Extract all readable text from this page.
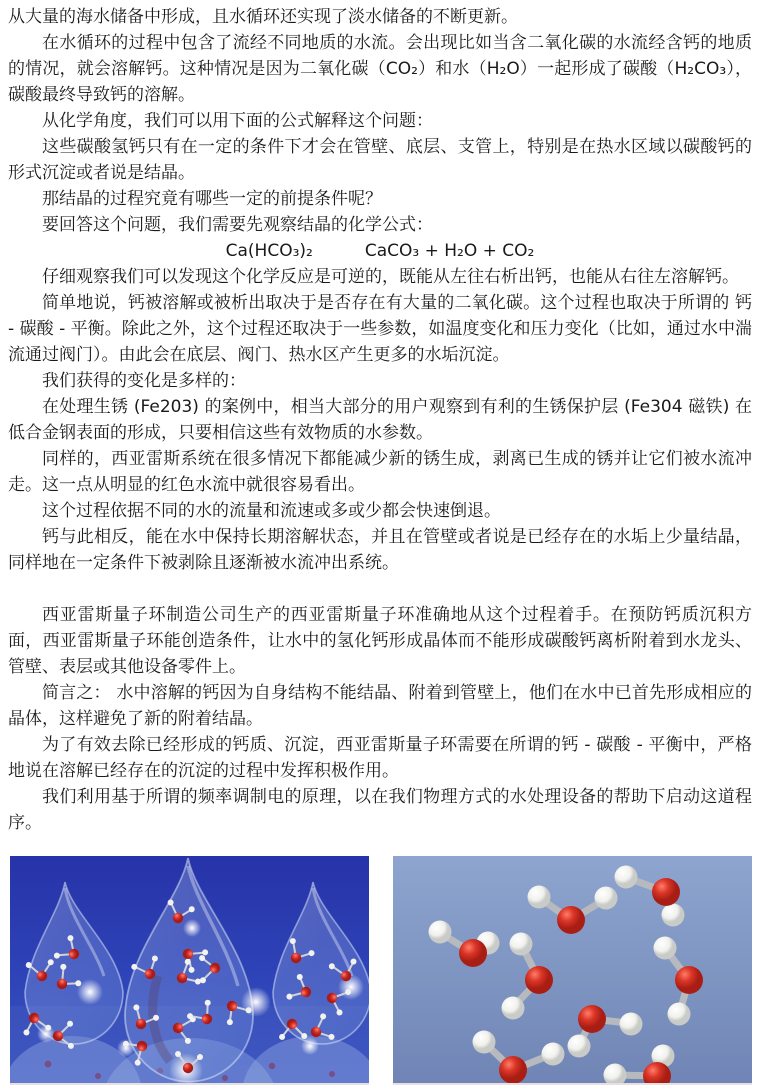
从大量的海水储备中形成，且水循环还实现了淡水储备的不断更新。

在水循环的过程中包含了流经不同地质的水流。会出现比如当含二氧化碳的水流经含钙的地质的情况，就会溶解钙。这种情况是因为二氧化碳（CO₂）和水（H₂O）一起形成了碳酸（H₂CO₃），碳酸最终导致钙的溶解。

从化学角度，我们可以用下面的公式解释这个问题：

这些碳酸氢钙只有在一定的条件下才会在管壁、底层、支管上，特别是在热水区域以碳酸钙的形式沉淀或者说是结晶。

那结晶的过程究竟有哪些一定的前提条件呢？

要回答这个问题，我们需要先观察结晶的化学公式：

Ca(HCO₃)₂	CaCO₃ + H₂O + CO₂

仔细观察我们可以发现这个化学反应是可逆的，既能从左往右析出钙，也能从右往左溶解钙。

简单地说，钙被溶解或被析出取决于是否存在有大量的二氧化碳。这个过程也取决于所谓的 钙 - 碳酸 - 平衡。除此之外，这个过程还取决于一些参数，如温度变化和压力变化（比如，通过水中湍流通过阀门）。由此会在底层、阀门、热水区产生更多的水垢沉淀。

我们获得的变化是多样的：

在处理生锈 (Fe203) 的案例中，相当大部分的用户观察到有利的生锈保护层 (Fe304 磁铁) 在低合金钢表面的形成，只要相信这些有效物质的水参数。

同样的，西亚雷斯系统在很多情况下都能减少新的锈生成，剥离已生成的锈并让它们被水流冲走。这一点从明显的红色水流中就很容易看出。

这个过程依据不同的水的流量和流速或多或少都会快速倒退。

钙与此相反，能在水中保持长期溶解状态，并且在管壁或者说是已经存在的水垢上少量结晶，同样地在一定条件下被剥除且逐渐被水流冲出系统。

西亚雷斯量子环制造公司生产的西亚雷斯量子环准确地从这个过程着手。在预防钙质沉积方面，西亚雷斯量子环能创造条件，让水中的氢化钙形成晶体而不能形成碳酸钙离析附着到水龙头、管壁、表层或其他设备零件上。

简言之： 水中溶解的钙因为自身结构不能结晶、附着到管壁上，他们在水中已首先形成相应的晶体，这样避免了新的附着结晶。

为了有效去除已经形成的钙质、沉淀，西亚雷斯量子环需要在所谓的钙 - 碳酸 - 平衡中，严格地说在溶解已经存在的沉淀的过程中发挥积极作用。

我们利用基于所谓的频率调制电的原理，以在我们物理方式的水处理设备的帮助下启动这道程序。
